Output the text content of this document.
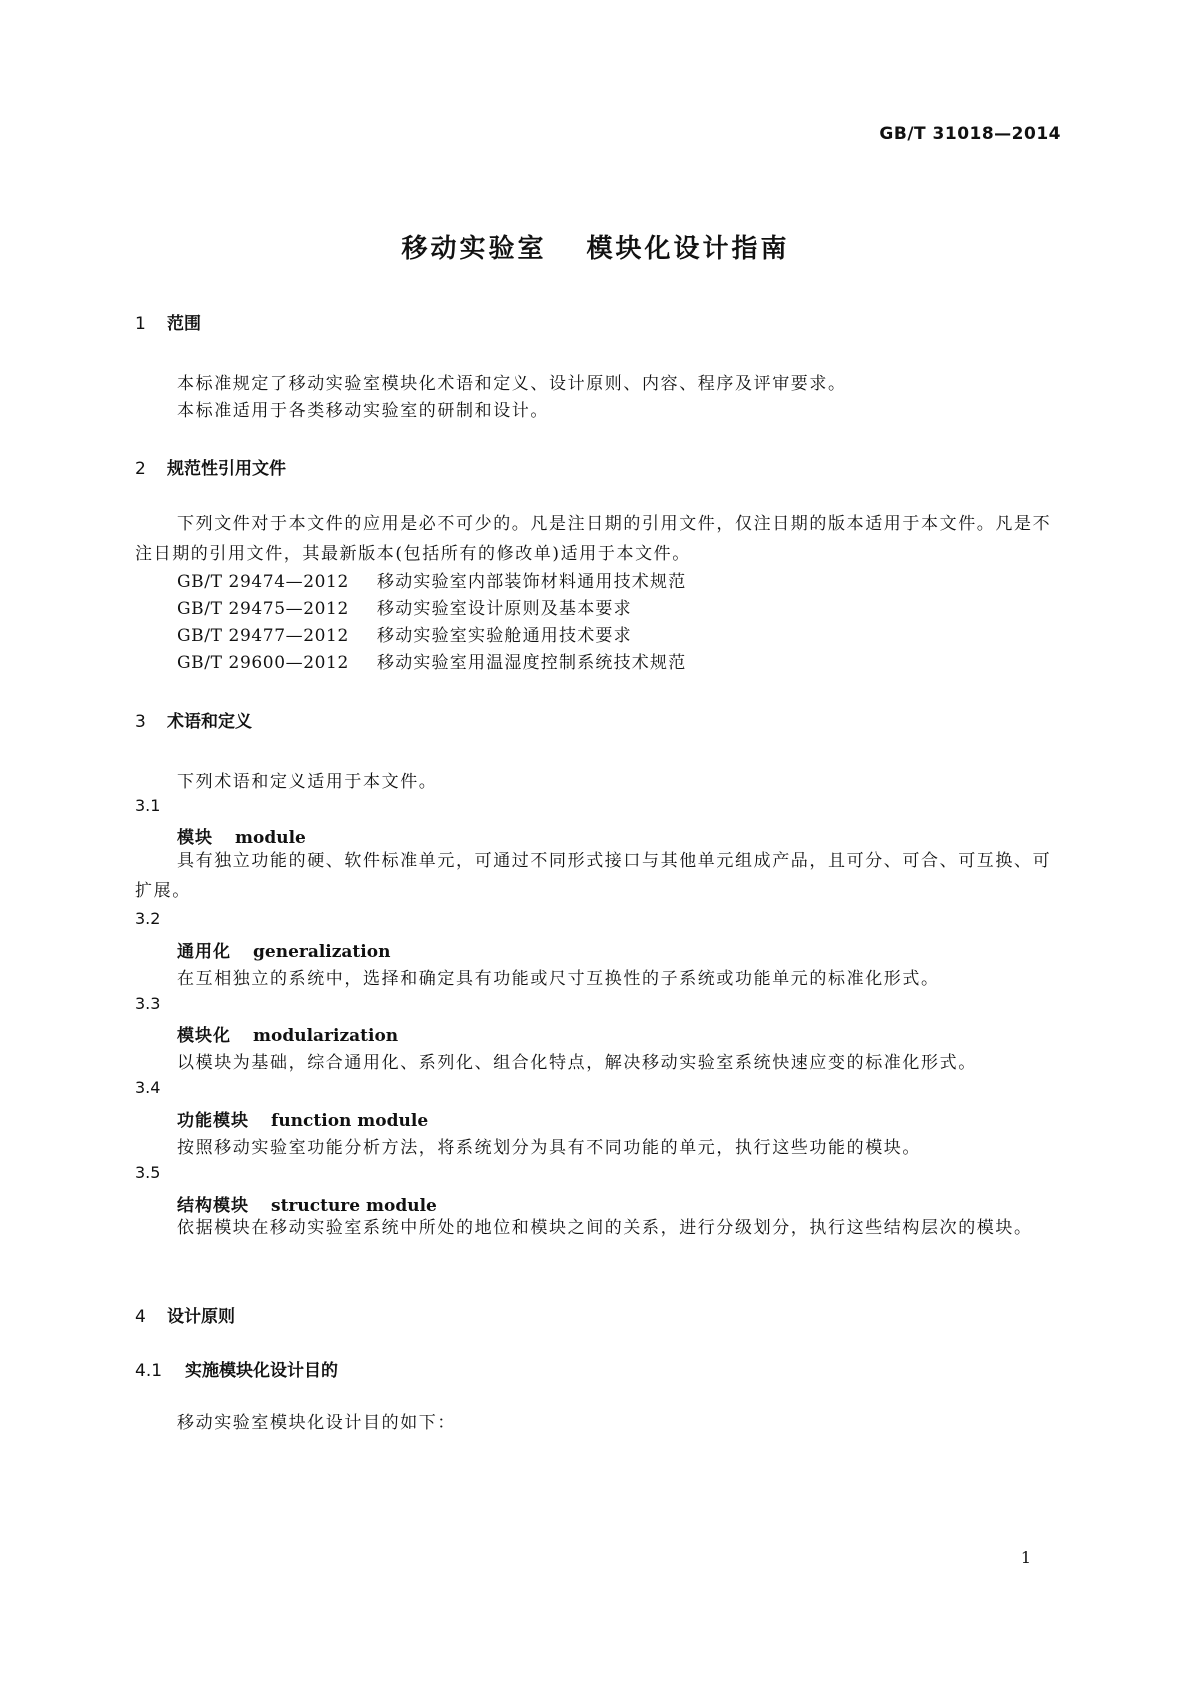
GB/T 31018—2014
移动实验室 模块化设计指南
1 范围
本标准规定了移动实验室模块化术语和定义、设计原则、内容、程序及评审要求。
本标准适用于各类移动实验室的研制和设计。
2 规范性引用文件
下列文件对于本文件的应用是必不可少的。凡是注日期的引用文件，仅注日期的版本适用于本文件。凡是不注日期的引用文件，其最新版本(包括所有的修改单)适用于本文件。
GB/T 29474—2012 移动实验室内部装饰材料通用技术规范
GB/T 29475—2012 移动实验室设计原则及基本要求
GB/T 29477—2012 移动实验室实验舱通用技术要求
GB/T 29600—2012 移动实验室用温湿度控制系统技术规范
3 术语和定义
下列术语和定义适用于本文件。
3.1
模块 module
具有独立功能的硬、软件标准单元，可通过不同形式接口与其他单元组成产品，且可分、可合、可互换、可扩展。
3.2
通用化 generalization
在互相独立的系统中，选择和确定具有功能或尺寸互换性的子系统或功能单元的标准化形式。
3.3
模块化 modularization
以模块为基础，综合通用化、系列化、组合化特点，解决移动实验室系统快速应变的标准化形式。
3.4
功能模块 function module
按照移动实验室功能分析方法，将系统划分为具有不同功能的单元，执行这些功能的模块。
3.5
结构模块 structure module
依据模块在移动实验室系统中所处的地位和模块之间的关系，进行分级划分，执行这些结构层次的模块。
4 设计原则
4.1 实施模块化设计目的
移动实验室模块化设计目的如下：
1
